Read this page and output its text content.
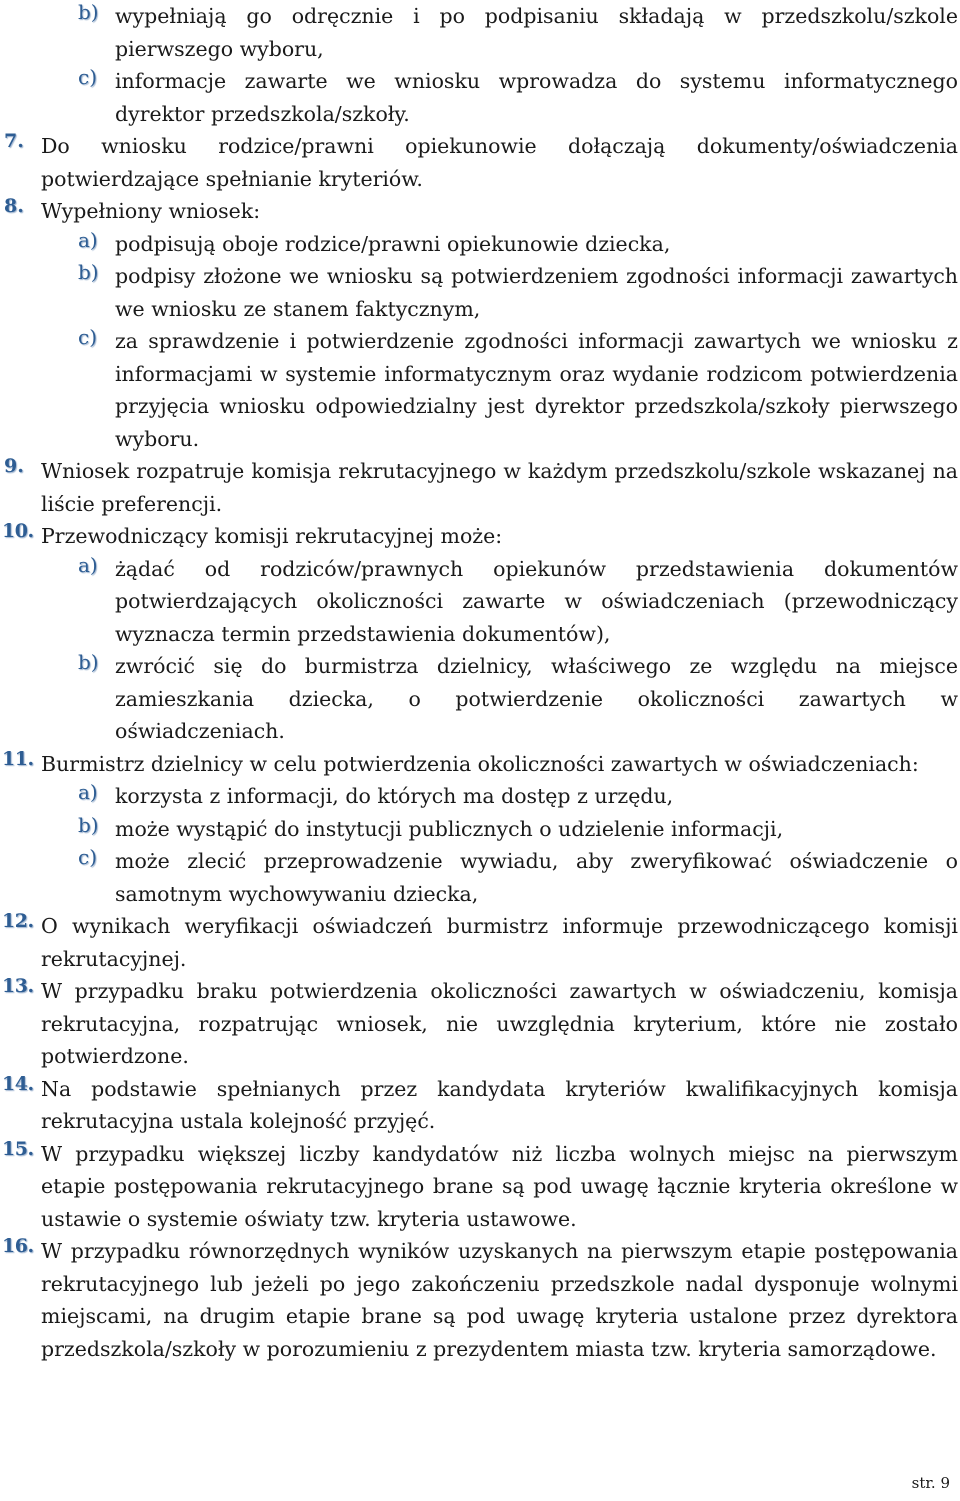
b) wypełniają go odręcznie i po podpisaniu składają w przedszkolu/szkole pierwszego wyboru,
c) informacje zawarte we wniosku wprowadza do systemu informatycznego dyrektor przedszkola/szkoły.
7. Do wniosku rodzice/prawni opiekunowie dołączają dokumenty/oświadczenia potwierdzające spełnianie kryteriów.
8. Wypełniony wniosek:
a) podpisują oboje rodzice/prawni opiekunowie dziecka,
b) podpisy złożone we wniosku są potwierdzeniem zgodności informacji zawartych we wniosku ze stanem faktycznym,
c) za sprawdzenie i potwierdzenie zgodności informacji zawartych we wniosku z informacjami w systemie informatycznym oraz wydanie rodzicom potwierdzenia przyjęcia wniosku odpowiedzialny jest dyrektor przedszkola/szkoły pierwszego wyboru.
9. Wniosek rozpatruje komisja rekrutacyjnego w każdym przedszkolu/szkole wskazanej na liście preferencji.
10. Przewodniczący komisji rekrutacyjnej może:
a) żądać od rodziców/prawnych opiekunów przedstawienia dokumentów potwierdzających okoliczności zawarte w oświadczeniach (przewodniczący wyznacza termin przedstawienia dokumentów),
b) zwrócić się do burmistrza dzielnicy, właściwego ze względu na miejsce zamieszkania dziecka, o potwierdzenie okoliczności zawartych w oświadczeniach.
11. Burmistrz dzielnicy w celu potwierdzenia okoliczności zawartych w oświadczeniach:
a) korzysta z informacji, do których ma dostęp z urzędu,
b) może wystąpić do instytucji publicznych o udzielenie informacji,
c) może zlecić przeprowadzenie wywiadu, aby zweryfikować oświadczenie o samotnym wychowywaniu dziecka,
12. O wynikach weryfikacji oświadczeń burmistrz informuje przewodniczącego komisji rekrutacyjnej.
13. W przypadku braku potwierdzenia okoliczności zawartych w oświadczeniu, komisja rekrutacyjna, rozpatrując wniosek, nie uwzględnia kryterium, które nie zostało potwierdzone.
14. Na podstawie spełnianych przez kandydata kryteriów kwalifikacyjnych komisja rekrutacyjna ustala kolejność przyjęć.
15. W przypadku większej liczby kandydatów niż liczba wolnych miejsc na pierwszym etapie postępowania rekrutacyjnego brane są pod uwagę łącznie kryteria określone w ustawie o systemie oświaty tzw. kryteria ustawowe.
16. W przypadku równorzędnych wyników uzyskanych na pierwszym etapie postępowania rekrutacyjnego lub jeżeli po jego zakończeniu przedszkole nadal dysponuje wolnymi miejscami, na drugim etapie brane są pod uwagę kryteria ustalone przez dyrektora przedszkola/szkoły w porozumieniu z prezydentem miasta tzw. kryteria samorządowe.
str. 9
